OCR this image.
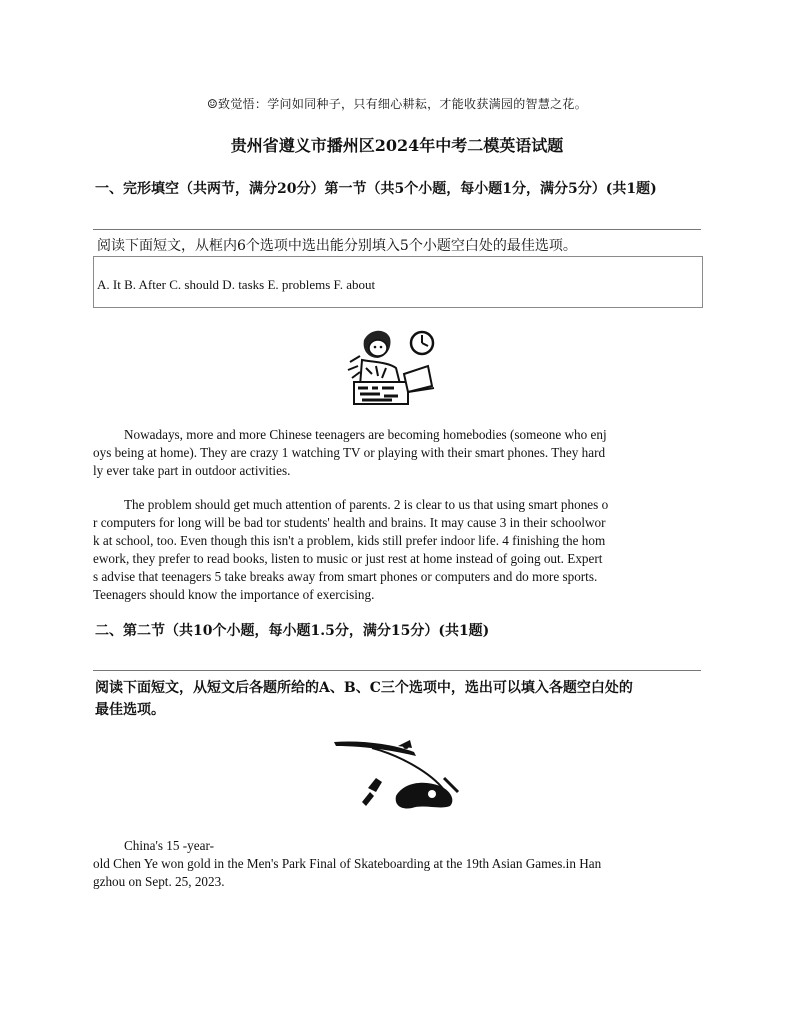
☺致觉悟：学问如同种子，只有细心耕耘，才能收获满园的智慧之花。
贵州省遵义市播州区2024年中考二模英语试题
一、完形填空（共两节，满分20分）第一节（共5个小题，每小题1分，满分5分）(共1题)
阅读下面短文，从框内6个选项中选出能分别填入5个小题空白处的最佳选项。
A. It B. After C. should D. tasks E. problems F. about
Nowadays, more and more Chinese teenagers are becoming homebodies (someone who enj
oys being at home). They are crazy 1 watching TV or playing with their smart phones. They hard
ly ever take part in outdoor activities.
The problem should get much attention of parents. 2 is clear to us that using smart phones o
r computers for long will be bad tor students' health and brains. It may cause 3 in their schoolwor
k at school, too. Even though this isn't a problem, kids still prefer indoor life. 4 finishing the hom
ework, they prefer to read books, listen to music or just rest at home instead of going out. Expert
s advise that teenagers 5 take breaks away from smart phones or computers and do more sports.
Teenagers should know the importance of exercising.
二、第二节（共10个小题，每小题1.5分，满分15分）(共1题)
阅读下面短文，从短文后各题所给的A、B、C三个选项中，选出可以填入各题空白处的
最佳选项。
China's 15 -year-
old Chen Ye won gold in the Men's Park Final of Skateboarding at the 19th Asian Games.in Han
gzhou on Sept. 25, 2023.
